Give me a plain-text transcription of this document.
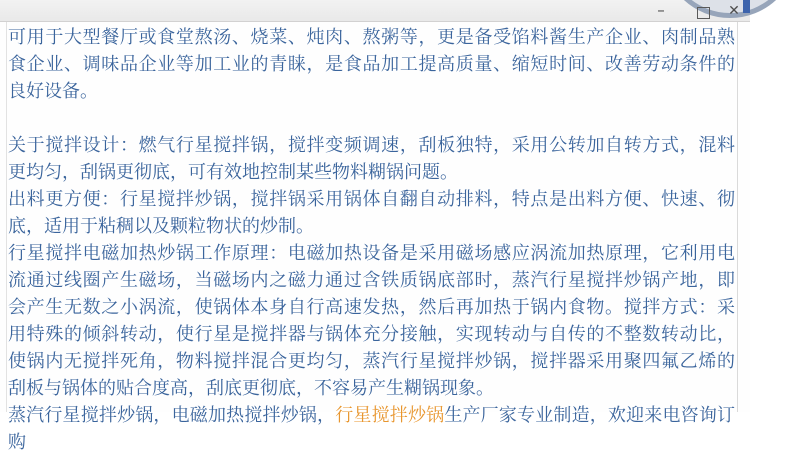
–	✕
可用于大型餐厅或食堂熬汤、烧菜、炖肉、熬粥等，更是备受馅料酱生产企业、肉制品熟
食企业、调味品企业等加工业的青睐，是食品加工提高质量、缩短时间、改善劳动条件的
良好设备。

关于搅拌设计：燃气行星搅拌锅，搅拌变频调速，刮板独特，采用公转加自转方式，混料
更均匀，刮锅更彻底，可有效地控制某些物料糊锅问题。
出料更方便：行星搅拌炒锅，搅拌锅采用锅体自翻自动排料，特点是出料方便、快速、彻
底，适用于粘稠以及颗粒物状的炒制。
行星搅拌电磁加热炒锅工作原理：电磁加热设备是采用磁场感应涡流加热原理，它利用电
流通过线圈产生磁场，当磁场内之磁力通过含铁质锅底部时，蒸汽行星搅拌炒锅产地，即
会产生无数之小涡流，使锅体本身自行高速发热，然后再加热于锅内食物。搅拌方式：采
用特殊的倾斜转动，使行星是搅拌器与锅体充分接触，实现转动与自传的不整数转动比，
使锅内无搅拌死角，物料搅拌混合更均匀，蒸汽行星搅拌炒锅，搅拌器采用聚四氟乙烯的
刮板与锅体的贴合度高，刮底更彻底，不容易产生糊锅现象。
蒸汽行星搅拌炒锅，电磁加热搅拌炒锅，行星搅拌炒锅生产厂家专业制造，欢迎来电咨询订购
